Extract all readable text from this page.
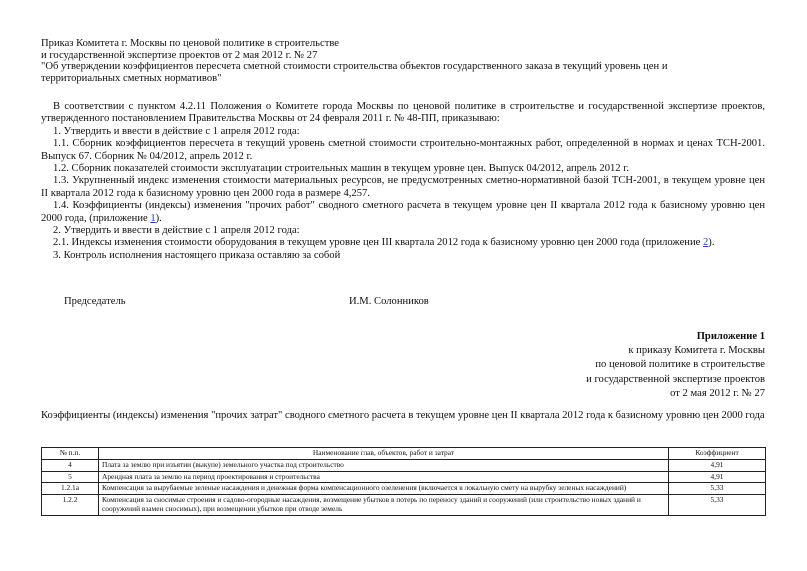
Приказ Комитета г. Москвы по ценовой политике в строительстве
и государственной экспертизе проектов от 2 мая 2012 г. № 27
"Об утверждении коэффициентов пересчета сметной стоимости строительства объектов государственного заказа в текущий уровень цен и
территориальных сметных нормативов"

В соответствии с пунктом 4.2.11 Положения о Комитете города Москвы по ценовой политике в строительстве и государственной экспертизе проектов, утвержденного постановлением Правительства Москвы от 24 февраля 2011 г. № 48-ПП, приказываю:

1. Утвердить и ввести в действие с 1 апреля 2012 года:

1.1. Сборник коэффициентов пересчета в текущий уровень сметной стоимости строительно-монтажных работ, определенной в нормах и ценах ТСН-2001. Выпуск 67. Сборник № 04/2012, апрель 2012 г.

1.2. Сборник показателей стоимости эксплуатации строительных машин в текущем уровне цен. Выпуск 04/2012, апрель 2012 г.

1.3. Укрупненный индекс изменения стоимости материальных ресурсов, не предусмотренных сметно-нормативной базой ТСН-2001, в текущем уровне цен II квартала 2012 года к базисному уровню цен 2000 года в размере 4,257.

1.4. Коэффициенты (индексы) изменения "прочих работ" сводного сметного расчета в текущем уровне цен II квартала 2012 года к базисному уровню цен 2000 года, (приложение 1).

2. Утвердить и ввести в действие с 1 апреля 2012 года:

2.1. Индексы изменения стоимости оборудования в текущем уровне цен III квартала 2012 года к базисному уровню цен 2000 года (приложение 2).

3. Контроль исполнения настоящего приказа оставляю за собой

Председатель	И.М. Солонников
Приложение 1
к приказу Комитета г. Москвы
по ценовой политике в строительстве
и государственной экспертизе проектов
от 2 мая 2012 г. № 27
Коэффициенты (индексы) изменения "прочих затрат" сводного сметного расчета в текущем уровне цен II квартала 2012 года к базисному уровню цен 2000 года
№ п.п.	Наименование глав, объектов, работ и затрат	Коэффициент
4	Плата за землю при изъятии (выкупе) земельного участка под строительство	4,91
5	Арендная плата за землю на период проектирования и строительства	4,91
1.2.1а	Компенсация за вырубаемые зеленые насаждения и денежная форма компенсационного озеленения (включается в локальную смету на вырубку зеленых насаждений)	5,33
1.2.2	Компенсация за сносимые строения и садово-огородные насаждения, возмещение убытков в потерь по переносу зданий и сооружений (или строительство новых зданий и сооружений взамен сносимых), при возмещении убытков при отводе земель	5,33
